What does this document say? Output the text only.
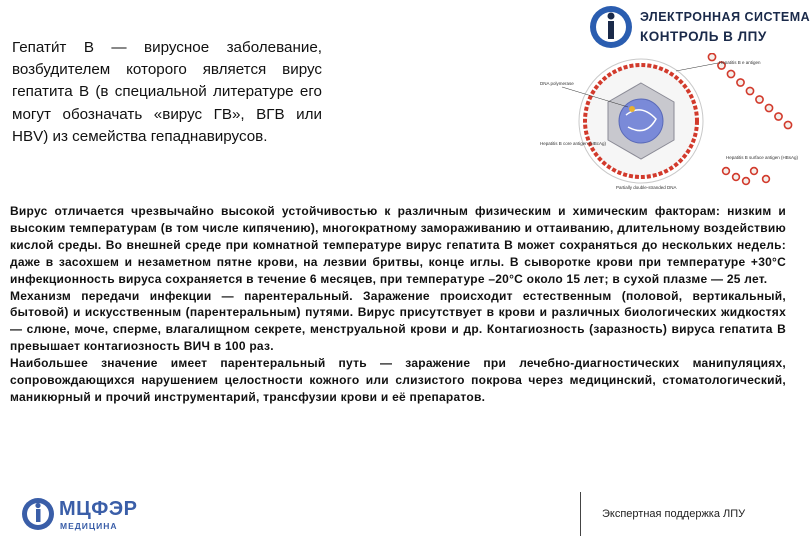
Гепати́т В — вирусное заболевание, возбудителем которого является вирус гепатита В (в специальной литературе его могут обозначать «вирус ГВ», ВГВ или HBV) из семейства гепаднавирусов.
ЭЛЕКТРОННАЯ СИСТЕМА
КОНТРОЛЬ В ЛПУ
Hepatitis B e antigen
DNA polymerase
Hepatitis B core antigen (HBcAg)
Hepatitis B surface antigen (HBsAg)
Partially double-stranded DNA

Вирус отличается чрезвычайно высокой устойчивостью к различным физическим и химическим факторам: низким и высоким температурам (в том числе кипячению), многократному замораживанию и оттаиванию, длительному воздействию кислой среды. Во внешней среде при комнатной температуре вирус гепатита В может сохраняться до нескольких недель: даже в засохшем и незаметном пятне крови, на лезвии бритвы, конце иглы. В сыворотке крови при температуре +30°С инфекционность вируса сохраняется в течение 6 месяцев, при температуре –20°С около 15 лет; в сухой плазме — 25 лет.

Механизм передачи инфекции — парентеральный. Заражение происходит естественным (половой, вертикальный, бытовой) и искусственным (парентеральным) путями. Вирус присутствует в крови и различных биологических жидкостях — слюне, моче, сперме, влагалищном секрете, менструальной крови и др. Контагиозность (заразность) вируса гепатита В превышает контагиозность ВИЧ в 100 раз.

Наибольшее значение имеет парентеральный путь — заражение при лечебно-диагностических манипуляциях, сопровождающихся нарушением целостности кожного или слизистого покрова через медицинский, стоматологический, маникюрный и прочий инструментарий, трансфузии крови и её препаратов.

МЦФЭР
МЕДИЦИНА
Экспертная поддержка ЛПУ
